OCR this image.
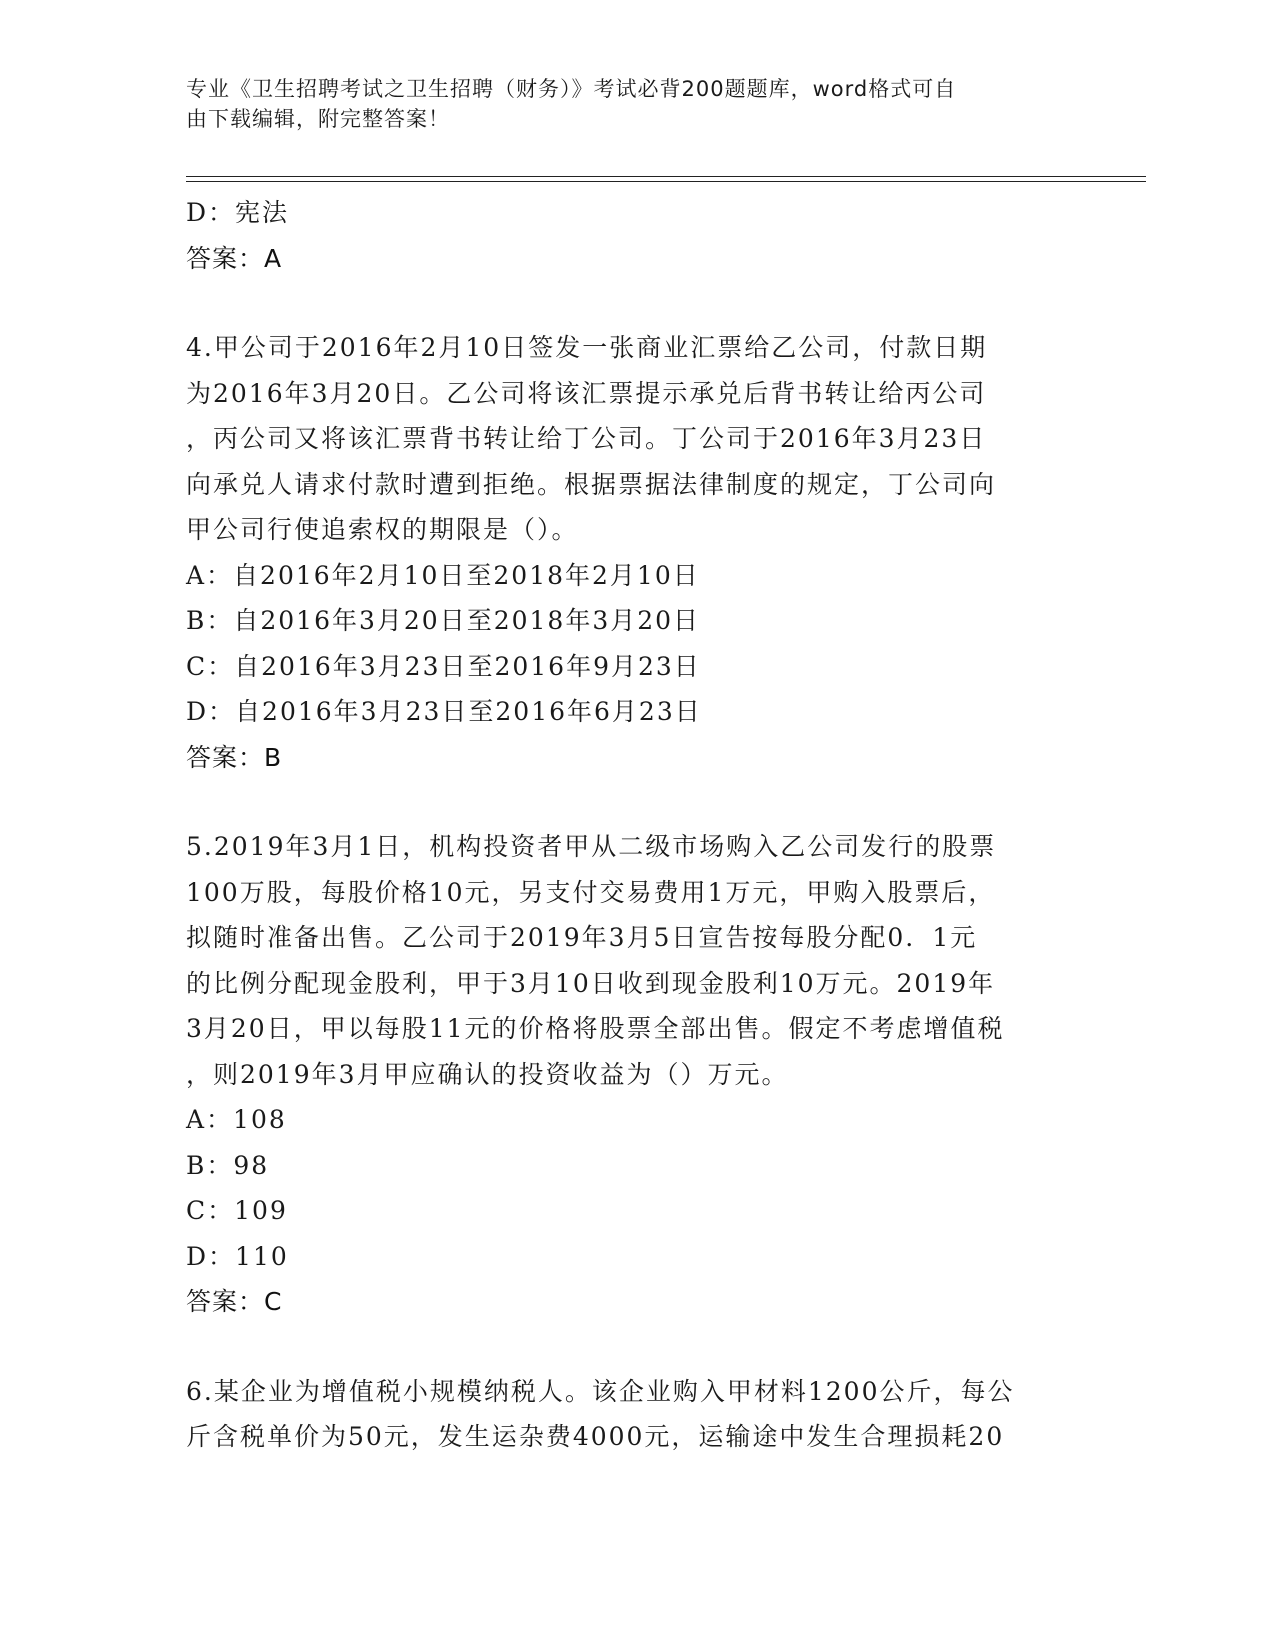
专业《卫生招聘考试之卫生招聘（财务）》考试必背200题题库，word格式可自
由下载编辑，附完整答案！
D：宪法
答案：A
4.甲公司于2016年2月10日签发一张商业汇票给乙公司，付款日期
为2016年3月20日。乙公司将该汇票提示承兑后背书转让给丙公司
，丙公司又将该汇票背书转让给丁公司。丁公司于2016年3月23日
向承兑人请求付款时遭到拒绝。根据票据法律制度的规定，丁公司向
甲公司行使追索权的期限是（）。
A：自2016年2月10日至2018年2月10日
B：自2016年3月20日至2018年3月20日
C：自2016年3月23日至2016年9月23日
D：自2016年3月23日至2016年6月23日
答案：B
5.2019年3月1日，机构投资者甲从二级市场购入乙公司发行的股票
100万股，每股价格10元，另支付交易费用1万元，甲购入股票后，
拟随时准备出售。乙公司于2019年3月5日宣告按每股分配0．1元
的比例分配现金股利，甲于3月10日收到现金股利10万元。2019年
3月20日，甲以每股11元的价格将股票全部出售。假定不考虑增值税
，则2019年3月甲应确认的投资收益为（）万元。
A：108
B：98
C：109
D：110
答案：C
6.某企业为增值税小规模纳税人。该企业购入甲材料1200公斤，每公
斤含税单价为50元，发生运杂费4000元，运输途中发生合理损耗20
